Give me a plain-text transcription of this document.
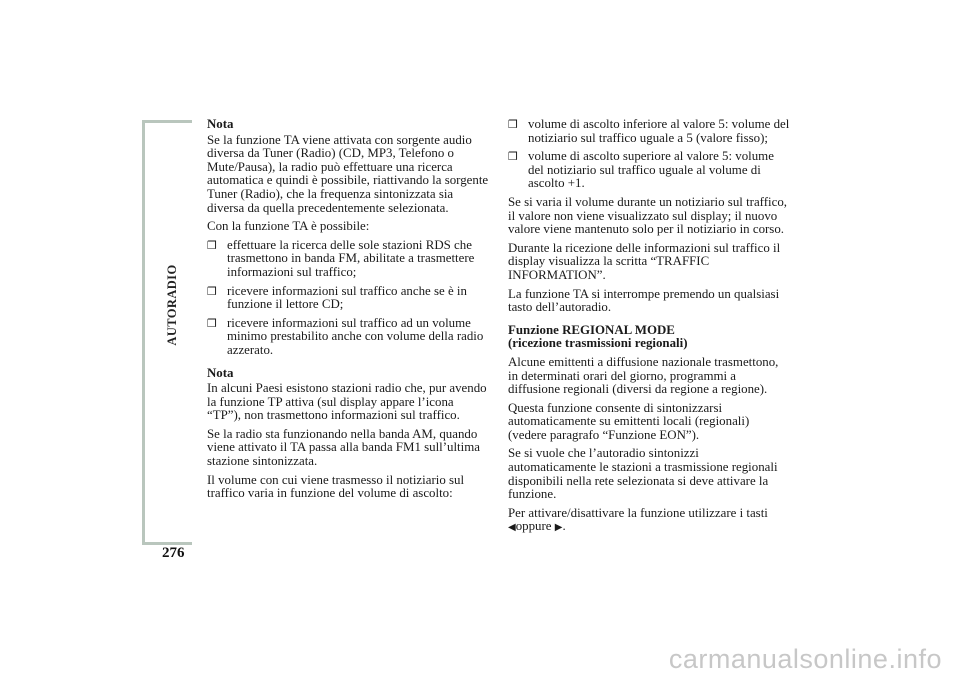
AUTORADIO
276

Nota

Se la funzione TA viene attivata con sorgente audio diversa da Tuner (Radio) (CD, MP3, Telefono o Mute/Pausa), la radio può effettuare una ricerca automatica e quindi è possibile, riattivando la sorgente Tuner (Radio), che la frequenza sintonizzata sia diversa da quella precedentemente selezionata.

Con la funzione TA è possibile:

❒ effettuare la ricerca delle sole stazioni RDS che trasmettono in banda FM, abilitate a trasmettere informazioni sul traffico;
❒ ricevere informazioni sul traffico anche se è in funzione il lettore CD;
❒ ricevere informazioni sul traffico ad un volume minimo prestabilito anche con volume della radio azzerato.

Nota

In alcuni Paesi esistono stazioni radio che, pur avendo la funzione TP attiva (sul display appare l’icona “TP”), non trasmettono informazioni sul traffico.

Se la radio sta funzionando nella banda AM, quando viene attivato il TA passa alla banda FM1 sull’ultima stazione sintonizzata.

Il volume con cui viene trasmesso il notiziario sul traffico varia in funzione del volume di ascolto:

❒ volume di ascolto inferiore al valore 5: volume del notiziario sul traffico uguale a 5 (valore fisso);
❒ volume di ascolto superiore al valore 5: volume del notiziario sul traffico uguale al volume di ascolto +1.

Se si varia il volume durante un notiziario sul traffico, il valore non viene visualizzato sul display; il nuovo valore viene mantenuto solo per il notiziario in corso.

Durante la ricezione delle informazioni sul traffico il display visualizza la scritta “TRAFFIC INFORMATION”.

La funzione TA si interrompe premendo un qualsiasi tasto dell’autoradio.

Funzione REGIONAL MODE
(ricezione trasmissioni regionali)

Alcune emittenti a diffusione nazionale trasmettono, in determinati orari del giorno, programmi a diffusione regionali (diversi da regione a regione).

Questa funzione consente di sintonizzarsi automaticamente su emittenti locali (regionali) (vedere paragrafo “Funzione EON”).

Se si vuole che l’autoradio sintonizzi automaticamente le stazioni a trasmissione regionali disponibili nella rete selezionata si deve attivare la funzione.

Per attivare/disattivare la funzione utilizzare i tasti ◀oppure ▶.

carmanualsonline.info
